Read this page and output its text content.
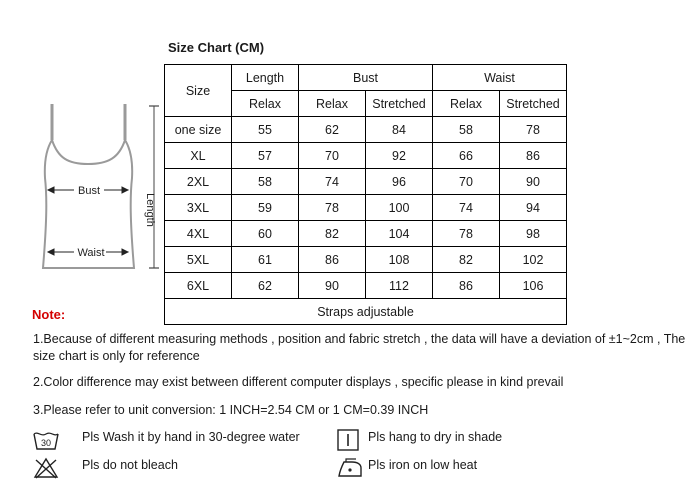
Size Chart (CM)
Bust
Waist
Length
Size	Length	Bust		Waist	
	Relax	Relax	Stretched	Relax	Stretched
one size	55	62	84	58	78
XL	57	70	92	66	86
2XL	58	74	96	70	90
3XL	59	78	100	74	94
4XL	60	82	104	78	98
5XL	61	86	108	82	102
6XL	62	90	112	86	106
Straps adjustable					
Note:
1.Because of different measuring methods , position and fabric stretch , the data will have a deviation of ±1~2cm , The size chart is only for reference
2.Color difference may exist between different computer displays , specific please in kind prevail
3.Please refer to unit conversion: 1 INCH=2.54 CM or 1 CM=0.39 INCH
30 Pls Wash it by hand in 30-degree water
Pls do not bleach
Pls hang to dry in shade
Pls iron on low heat
